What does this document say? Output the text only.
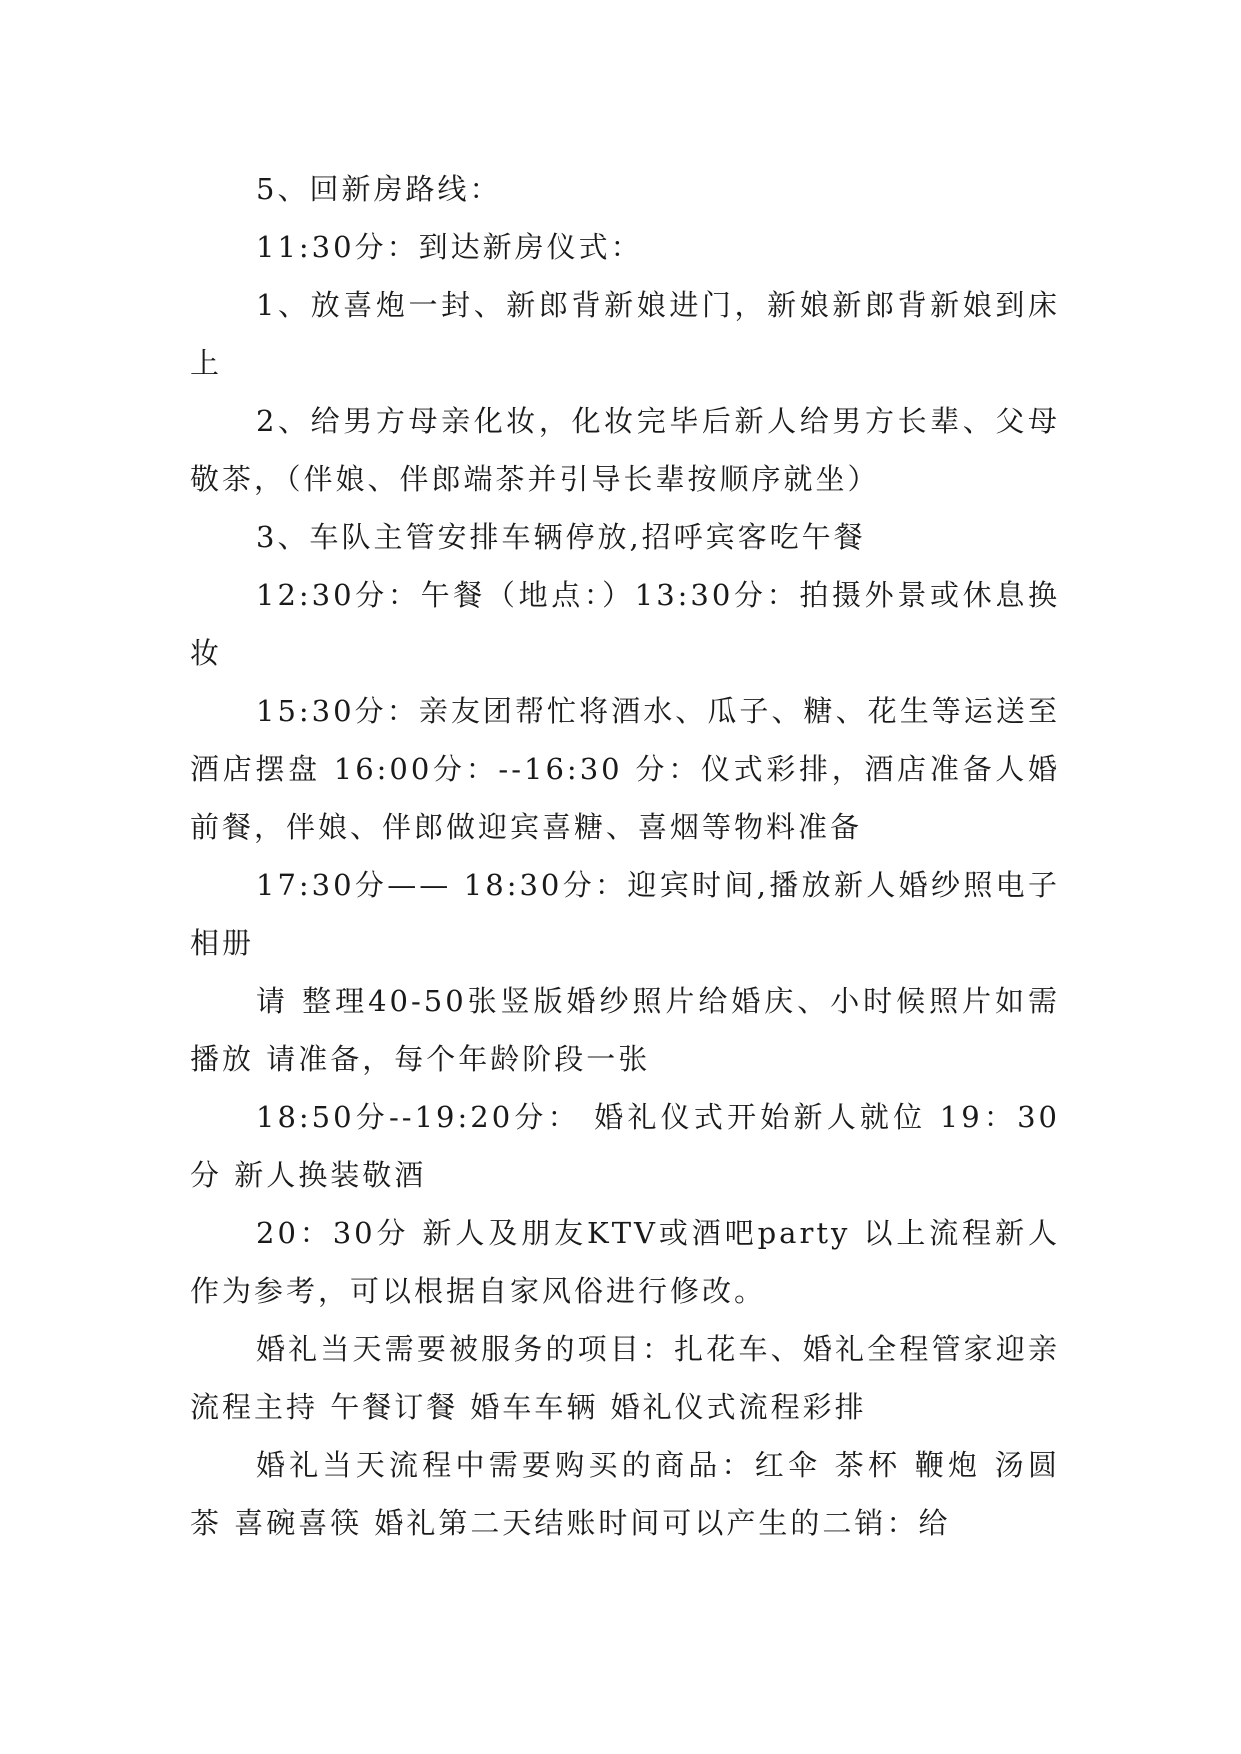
5、回新房路线：

11:30分：到达新房仪式：

1、放喜炮一封、新郎背新娘进门，新娘新郎背新娘到床上

2、给男方母亲化妆，化妆完毕后新人给男方长辈、父母敬茶，（伴娘、伴郎端茶并引导长辈按顺序就坐）

3、车队主管安排车辆停放,招呼宾客吃午餐

12:30分：午餐（地点：）13:30分：拍摄外景或休息换妆

15:30分：亲友团帮忙将酒水、瓜子、糖、花生等运送至酒店摆盘 16:00分：--16:30 分：仪式彩排，酒店准备人婚前餐，伴娘、伴郎做迎宾喜糖、喜烟等物料准备

17:30分—— 18:30分：迎宾时间,播放新人婚纱照电子相册

请 整理40-50张竖版婚纱照片给婚庆、小时候照片如需播放 请准备，每个年龄阶段一张

18:50分--19:20分： 婚礼仪式开始新人就位 19：30分 新人换装敬酒

20：30分 新人及朋友KTV或酒吧party 以上流程新人作为参考，可以根据自家风俗进行修改。

婚礼当天需要被服务的项目：扎花车、婚礼全程管家迎亲流程主持 午餐订餐 婚车车辆 婚礼仪式流程彩排

婚礼当天流程中需要购买的商品：红伞 茶杯 鞭炮 汤圆 茶 喜碗喜筷 婚礼第二天结账时间可以产生的二销：给
